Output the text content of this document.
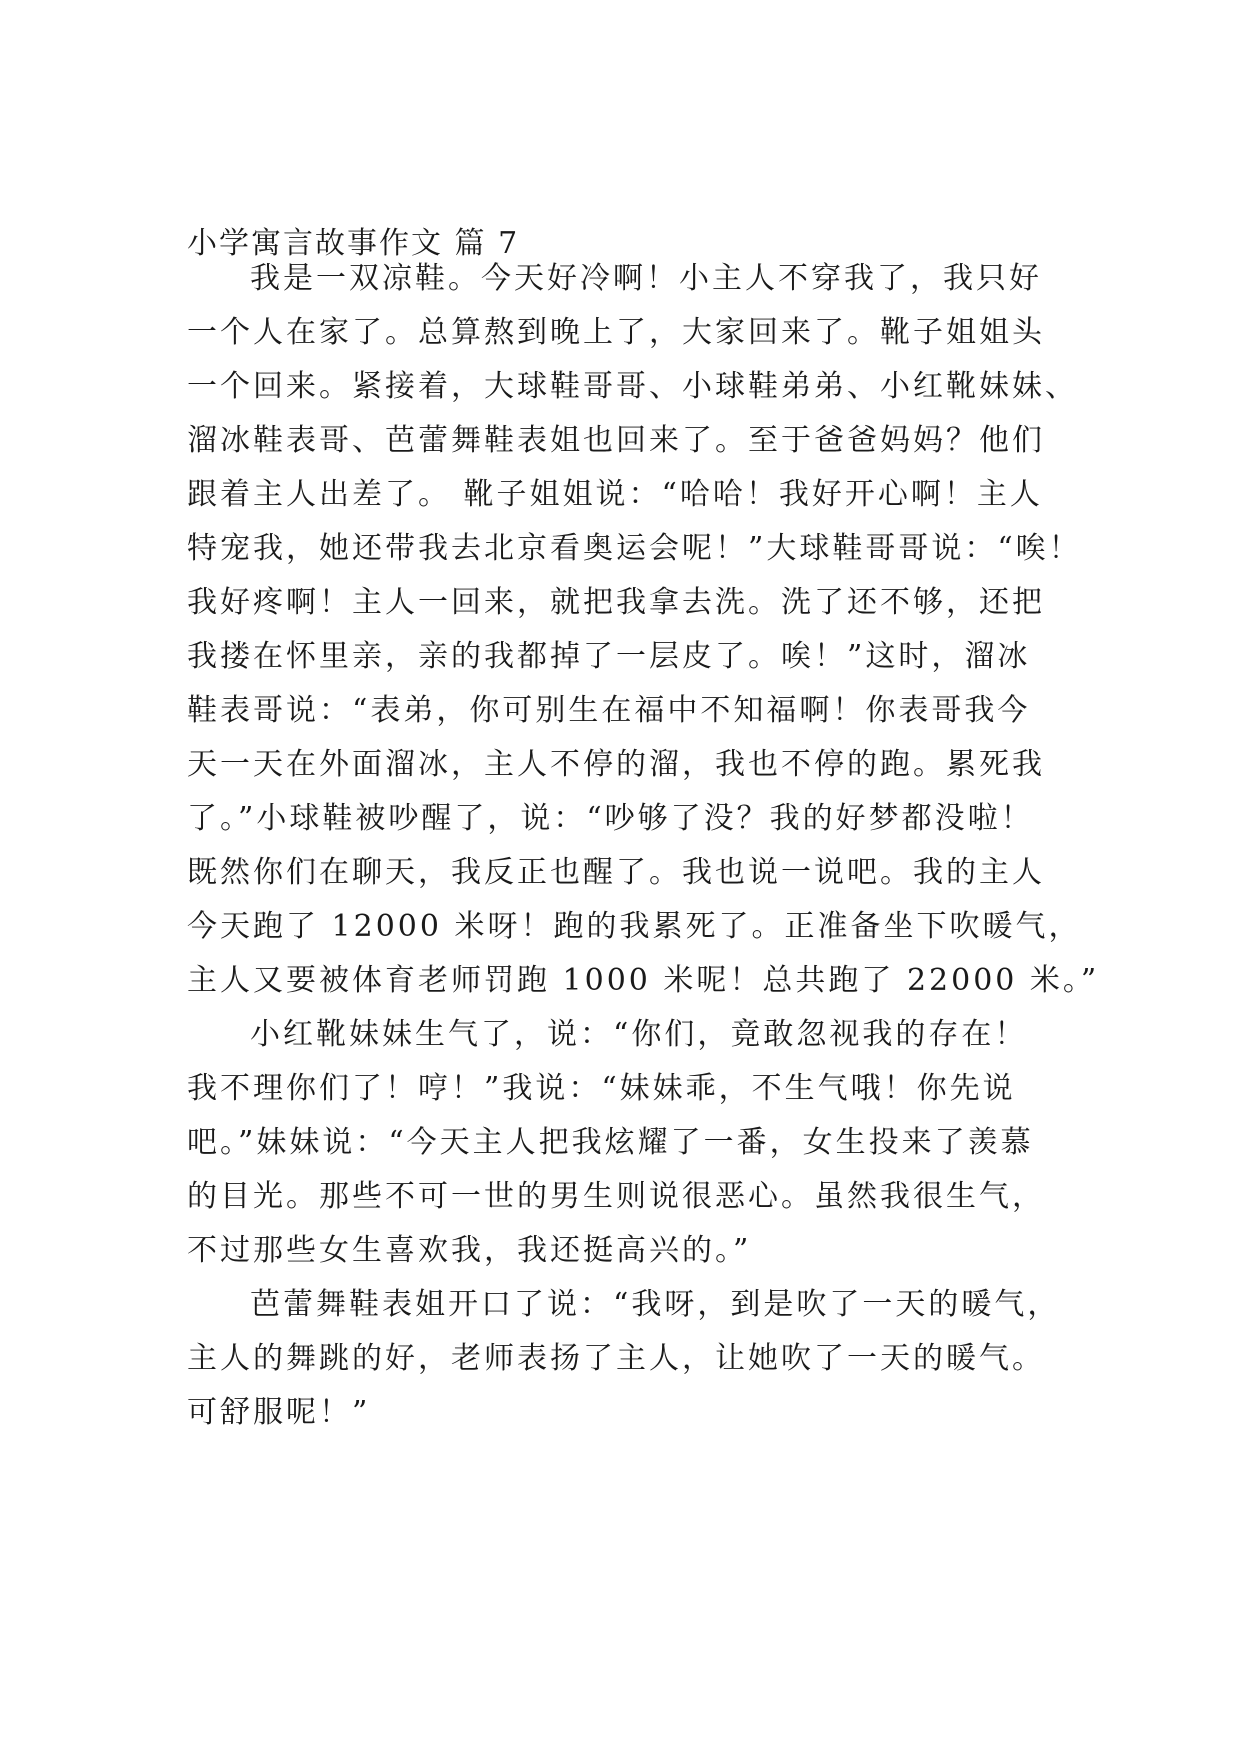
小学寓言故事作文 篇 7
我是一双凉鞋。今天好冷啊！小主人不穿我了，我只好
一个人在家了。总算熬到晚上了，大家回来了。靴子姐姐头
一个回来。紧接着，大球鞋哥哥、小球鞋弟弟、小红靴妹妹、
溜冰鞋表哥、芭蕾舞鞋表姐也回来了。至于爸爸妈妈？他们
跟着主人出差了。 靴子姐姐说：“哈哈！我好开心啊！主人
特宠我，她还带我去北京看奥运会呢！”大球鞋哥哥说：“唉！
我好疼啊！主人一回来，就把我拿去洗。洗了还不够，还把
我搂在怀里亲，亲的我都掉了一层皮了。唉！”这时，溜冰
鞋表哥说：“表弟，你可别生在福中不知福啊！你表哥我今
天一天在外面溜冰，主人不停的溜，我也不停的跑。累死我
了。”小球鞋被吵醒了，说：“吵够了没？我的好梦都没啦！
既然你们在聊天，我反正也醒了。我也说一说吧。我的主人
今天跑了 12000 米呀！跑的我累死了。正准备坐下吹暖气，
主人又要被体育老师罚跑 1000 米呢！总共跑了 22000 米。”
小红靴妹妹生气了，说：“你们，竟敢忽视我的存在！
我不理你们了！哼！”我说：“妹妹乖，不生气哦！你先说
吧。”妹妹说：“今天主人把我炫耀了一番，女生投来了羡慕
的目光。那些不可一世的男生则说很恶心。虽然我很生气，
不过那些女生喜欢我，我还挺高兴的。”
芭蕾舞鞋表姐开口了说：“我呀，到是吹了一天的暖气，
主人的舞跳的好，老师表扬了主人，让她吹了一天的暖气。
可舒服呢！”
